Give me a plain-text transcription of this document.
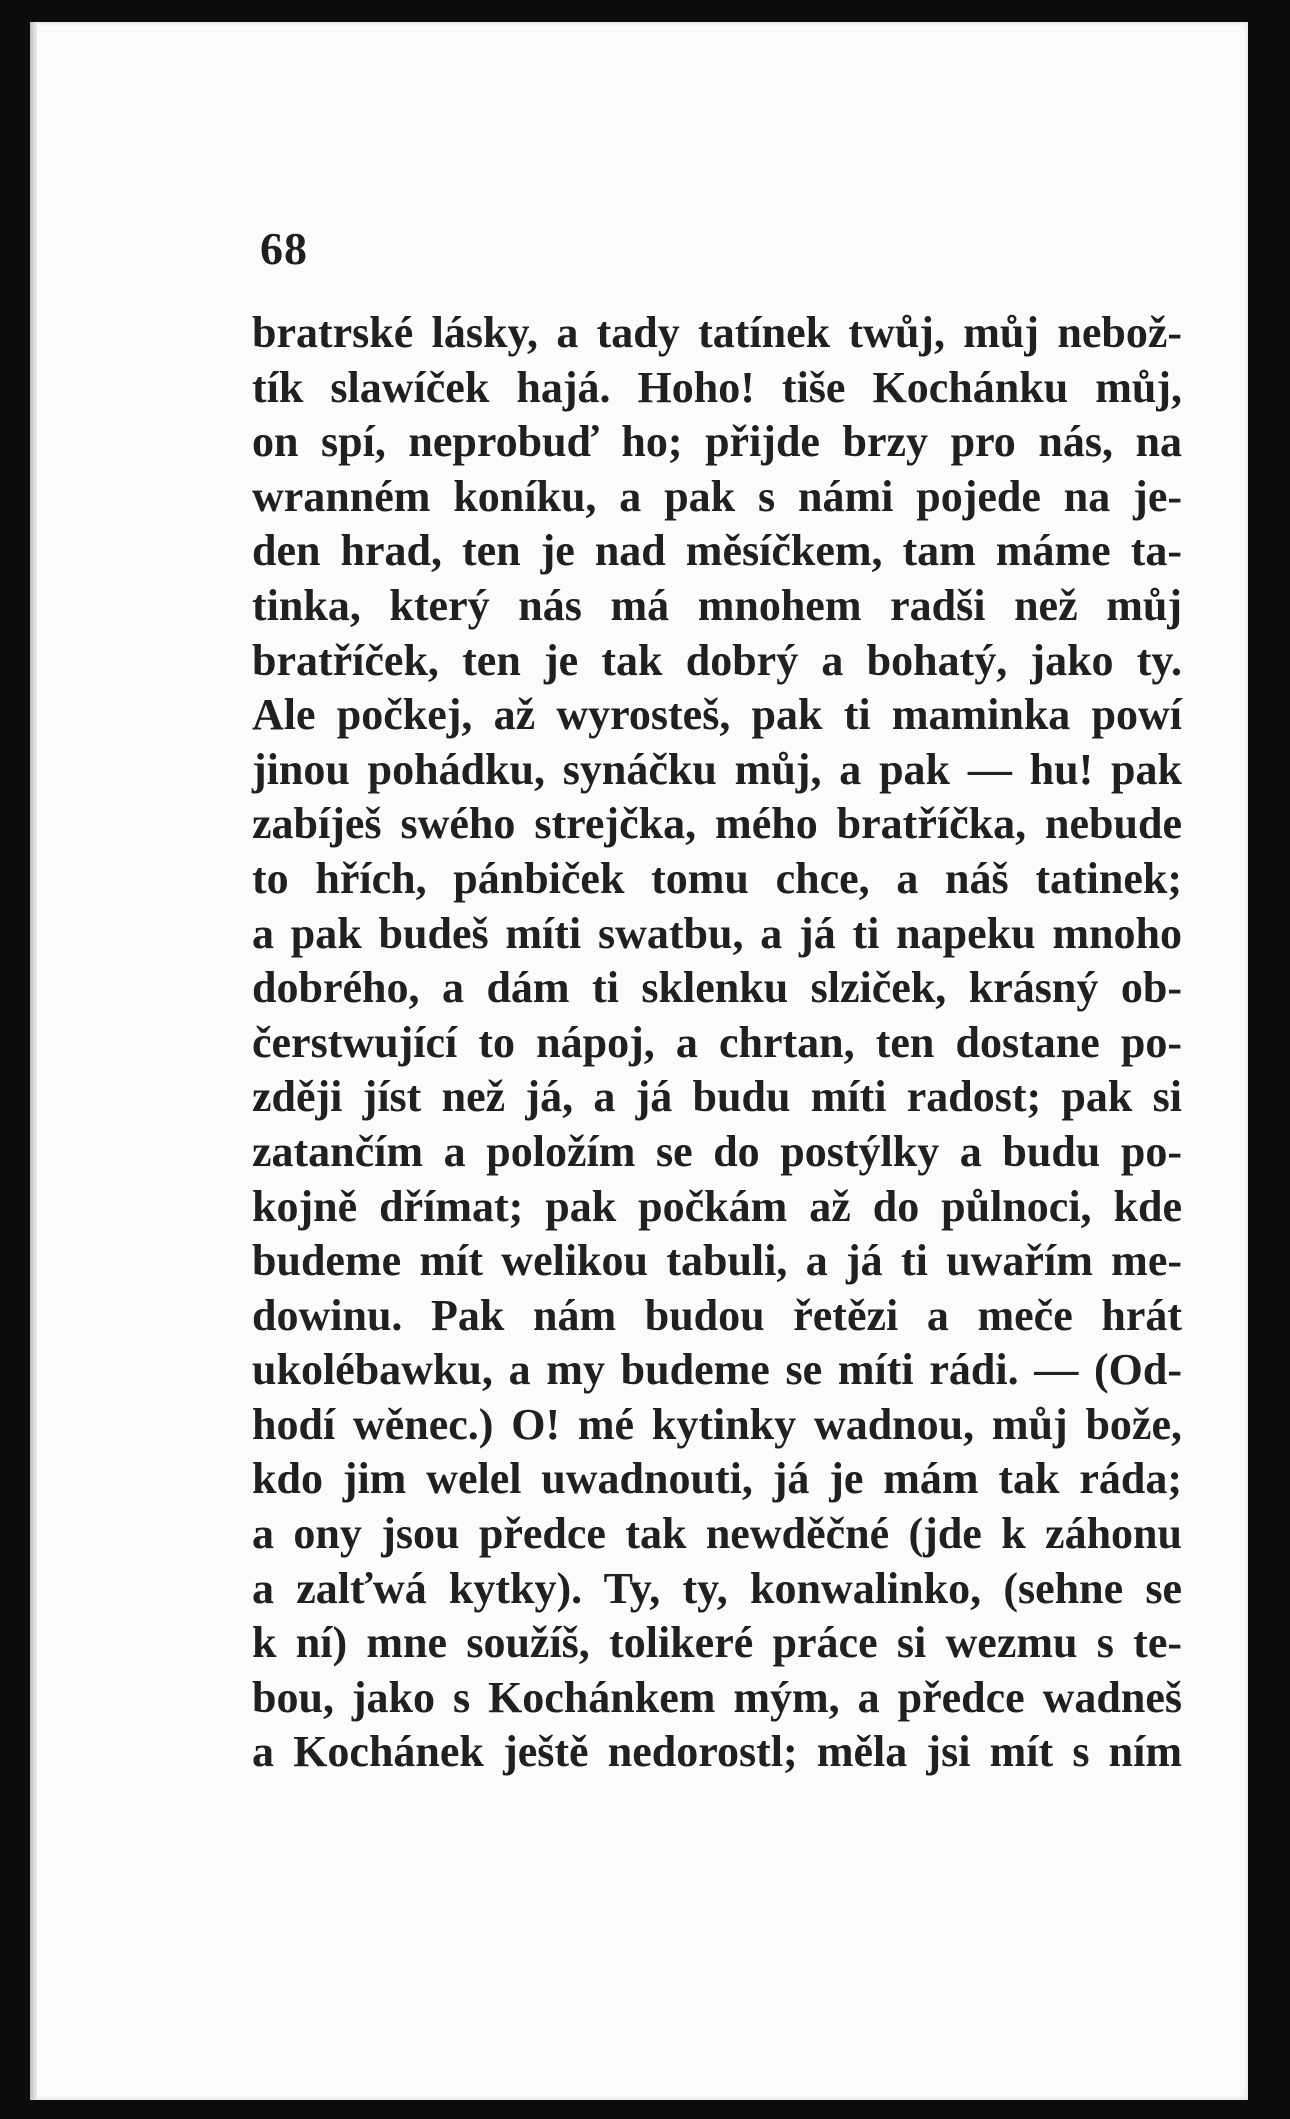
68
bratrské lásky, a tady tatínek twůj, můj nebož-
tík slawíček hajá. Hoho! tiše Kochánku můj,
on spí, neprobuď ho; přijde brzy pro nás, na
wranném koníku, a pak s námi pojede na je-
den hrad, ten je nad měsíčkem, tam máme ta-
tinka, který nás má mnohem radši než můj
bratříček, ten je tak dobrý a bohatý, jako ty.
Ale počkej, až wyrosteš, pak ti maminka powí
jinou pohádku, synáčku můj, a pak — hu! pak
zabíješ swého strejčka, mého bratříčka, nebude
to hřích, pánbiček tomu chce, a náš tatinek;
a pak budeš míti swatbu, a já ti napeku mnoho
dobrého, a dám ti sklenku slziček, krásný ob-
čerstwující to nápoj, a chrtan, ten dostane po-
zději jíst než já, a já budu míti radost; pak si
zatančím a položím se do postýlky a budu po-
kojně dřímat; pak počkám až do půlnoci, kde
budeme mít welikou tabuli, a já ti uwařím me-
dowinu. Pak nám budou řetězi a meče hrát
ukolébawku, a my budeme se míti rádi. — (Od-
hodí wěnec.) O! mé kytinky wadnou, můj bože,
kdo jim welel uwadnouti, já je mám tak ráda;
a ony jsou předce tak newděčné (jde k záhonu
a zalťwá kytky). Ty, ty, konwalinko, (sehne se
k ní) mne soužíš, tolikeré práce si wezmu s te-
bou, jako s Kochánkem mým, a předce wadneš
a Kochánek ještě nedorostl; měla jsi mít s ním
